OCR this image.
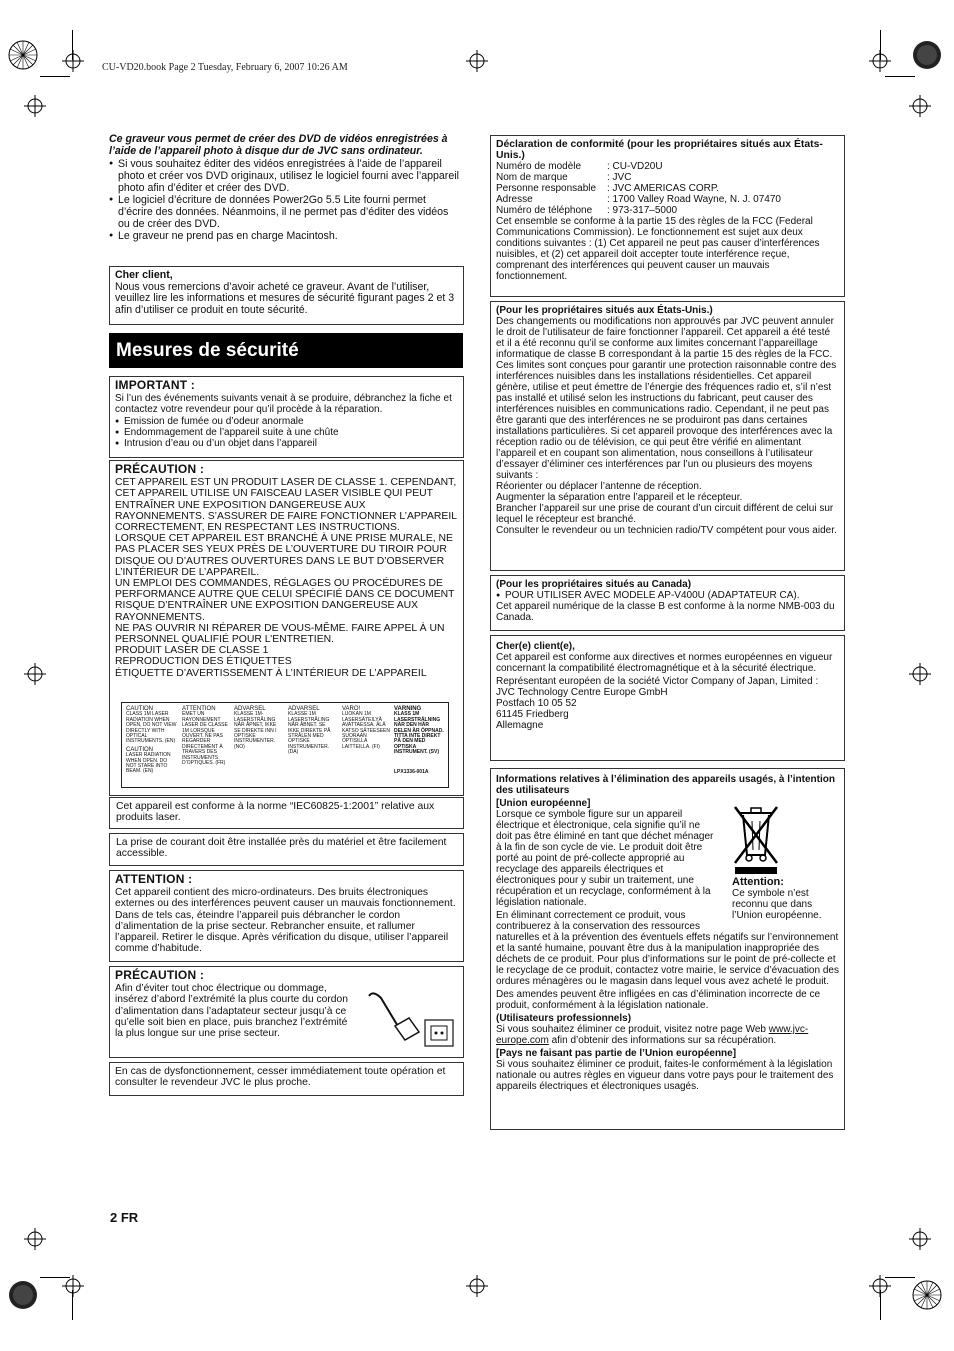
CU-VD20.book Page 2 Tuesday, February 6, 2007 10:26 AM
Ce graveur vous permet de créer des DVD de vidéos enregistrées à l’aide de l’appareil photo à disque dur de JVC sans ordinateur.
● Si vous souhaitez éditer des vidéos enregistrées à l’aide de l’appareil photo et créer vos DVD originaux, utilisez le logiciel fourni avec l’appareil photo afin d’éditer et créer des DVD.
● Le logiciel d’écriture de données Power2Go 5.5 Lite fourni permet d’écrire des données. Néanmoins, il ne permet pas d’éditer des vidéos ou de créer des DVD.
● Le graveur ne prend pas en charge Macintosh.
Cher client,
Nous vous remercions d’avoir acheté ce graveur. Avant de l’utiliser, veuillez lire les informations et mesures de sécurité figurant pages 2 et 3 afin d’utiliser ce produit en toute sécurité.
Mesures de sécurité
IMPORTANT :
Si l’un des événements suivants venait à se produire, débranchez la fiche et contactez votre revendeur pour qu’il procède à la réparation.
● Emission de fumée ou d’odeur anormale
● Endommagement de l’appareil suite à une chûte
● Intrusion d’eau ou d’un objet dans l’appareil
PRÉCAUTION :
CET APPAREIL EST UN PRODUIT LASER DE CLASSE 1. CEPENDANT, CET APPAREIL UTILISE UN FAISCEAU LASER VISIBLE QUI PEUT ENTRAÎNER UNE EXPOSITION DANGEREUSE AUX RAYONNEMENTS. S’ASSURER DE FAIRE FONCTIONNER L’APPAREIL CORRECTEMENT, EN RESPECTANT LES INSTRUCTIONS.
LORSQUE CET APPAREIL EST BRANCHÉ À UNE PRISE MURALE, NE PAS PLACER SES YEUX PRÈS DE L’OUVERTURE DU TIROIR POUR DISQUE OU D’AUTRES OUVERTURES DANS LE BUT D’OBSERVER L’INTÉRIEUR DE L’APPAREIL.
UN EMPLOI DES COMMANDES, RÉGLAGES OU PROCÉDURES DE PERFORMANCE AUTRE QUE CELUI SPÉCIFIÉ DANS CE DOCUMENT RISQUE D’ENTRAÎNER UNE EXPOSITION DANGEREUSE AUX RAYONNEMENTS.
NE PAS OUVRIR NI RÉPARER DE VOUS-MÊME. FAIRE APPEL À UN PERSONNEL QUALIFIÉ POUR L’ENTRETIEN.
PRODUIT LASER DE CLASSE 1
REPRODUCTION DES ÉTIQUETTES
ÉTIQUETTE D’AVERTISSEMENT À L’INTÉRIEUR DE L’APPAREIL
CAUTION
CLASS 1M LASER RADIATION WHEN OPEN, DO NOT VIEW DIRECTLY WITH OPTICAL INSTRUMENTS. (EN)
CAUTION
LASER RADIATION WHEN OPEN. DO NOT STARE INTO BEAM. (EN)
ATTENTION
ÉMET UN RAYONNEMENT LASER DE CLASSE 1M LORSQUE OUVERT. NE PAS REGARDER DIRECTEMENT À TRAVERS DES INSTRUMENTS D’OPTIQUES. (FR)
ADVARSEL
KLASSE 1M-LASERSTRÅLING NÅR ÅPNET, IKKE SE DIREKTE INN I OPTISKE INSTRUMENTER. (NO)
ADVARSEL
KLASSE 1M LASERSTRÅLING NÅR ÅBNET. SE IKKE DIREKTE PÅ STRÅLEN MED OPTISKE INSTRUMENTER. (DA)
VARO!
LUOKAN 1M LASERSÄTEILYÄ AVATTAESSA. ÄLÄ KATSO SÄTEESEEN SUORAAN OPTISILLA LAITTEILLA. (FI)
VARNING
KLASS 1M LASERSTRÅLNING NÄR DEN HÄR DELEN ÄR ÖPPNAD. TITTA INTE DIREKT PÅ DEN MED OPTISKA INSTRUMENT. (SV)
LPX1336-001A
Cet appareil est conforme à la norme “IEC60825-1:2001” relative aux produits laser.
La prise de courant doit être installée près du matériel et être facilement accessible.
ATTENTION :
Cet appareil contient des micro-ordinateurs. Des bruits électroniques externes ou des interférences peuvent causer un mauvais fonctionnement. Dans de tels cas, éteindre l’appareil puis débrancher le cordon d’alimentation de la prise secteur. Rebrancher ensuite, et rallumer l’appareil. Retirer le disque. Après vérification du disque, utiliser l’appareil comme d’habitude.
PRÉCAUTION :
Afin d’éviter tout choc électrique ou dommage, insérez d’abord l’extrémité la plus courte du cordon d’alimentation dans l’adaptateur secteur jusqu’à ce qu’elle soit bien en place, puis branchez l’extrémité la plus longue sur une prise secteur.
En cas de dysfonctionnement, cesser immédiatement toute opération et consulter le revendeur JVC le plus proche.
2 FR
Déclaration de conformité (pour les propriétaires situés aux États-Unis.)
Numéro de modèle	: CU-VD20U
Nom de marque	: JVC
Personne responsable	: JVC AMERICAS CORP.
Adresse	: 1700 Valley Road Wayne, N. J. 07470
Numéro de téléphone	: 973-317–5000
Cet ensemble se conforme à la partie 15 des règles de la FCC (Federal Communications Commission). Le fonctionnement est sujet aux deux conditions suivantes : (1) Cet appareil ne peut pas causer d’interférences nuisibles, et (2) cet appareil doit accepter toute interférence reçue, comprenant des interférences qui peuvent causer un mauvais fonctionnement.
(Pour les propriétaires situés aux États-Unis.)
Des changements ou modifications non approuvés par JVC peuvent annuler le droit de l’utilisateur de faire fonctionner l’appareil. Cet appareil a été testé et il a été reconnu qu’il se conforme aux limites concernant l’appareillage informatique de classe B correspondant à la partie 15 des règles de la FCC. Ces limites sont conçues pour garantir une protection raisonnable contre des interférences nuisibles dans les installations résidentielles. Cet appareil génère, utilise et peut émettre de l’énergie des fréquences radio et, s’il n’est pas installé et utilisé selon les instructions du fabricant, peut causer des interférences nuisibles en communications radio. Cependant, il ne peut pas être garanti que des interférences ne se produiront pas dans certaines installations particulières. Si cet appareil provoque des interférences avec la réception radio ou de télévision, ce qui peut être vérifié en alimentant l’appareil et en coupant son alimentation, nous conseillons à l’utilisateur d’essayer d’éliminer ces interférences par l’un ou plusieurs des moyens suivants :
Réorienter ou déplacer l’antenne de réception.
Augmenter la séparation entre l’appareil et le récepteur.
Brancher l’appareil sur une prise de courant d’un circuit différent de celui sur lequel le récepteur est branché.
Consulter le revendeur ou un technicien radio/TV compétent pour vous aider.
(Pour les propriétaires situés au Canada)
● POUR UTILISER AVEC MODELE AP-V400U (ADAPTATEUR CA).
Cet appareil numérique de la classe B est conforme à la norme NMB-003 du Canada.
Cher(e) client(e),
Cet appareil est conforme aux directives et normes européennes en vigueur concernant la compatibilité électromagnétique et à la sécurité électrique.
Représentant européen de la société Victor Company of Japan, Limited :
JVC Technology Centre Europe GmbH
Postfach 10 05 52
61145 Friedberg
Allemagne
Informations relatives à l’élimination des appareils usagés, à l’intention des utilisateurs
[Union européenne]
Lorsque ce symbole figure sur un appareil électrique et électronique, cela signifie qu’il ne doit pas être éliminé en tant que déchet ménager à la fin de son cycle de vie. Le produit doit être porté au point de pré-collecte approprié au recyclage des appareils électriques et électroniques pour y subir un traitement, une récupération et un recyclage, conformément à la législation nationale.
En éliminant correctement ce produit, vous contribuerez à la conservation des ressources
naturelles et à la prévention des éventuels effets négatifs sur l’environnement et la santé humaine, pouvant être dus à la manipulation inappropriée des déchets de ce produit. Pour plus d’informations sur le point de pré-collecte et le recyclage de ce produit, contactez votre mairie, le service d’évacuation des ordures ménagères ou le magasin dans lequel vous avez acheté le produit.
Des amendes peuvent être infligées en cas d’élimination incorrecte de ce produit, conformément à la législation nationale.
(Utilisateurs professionnels)
Si vous souhaitez éliminer ce produit, visitez notre page Web www.jvc-europe.com afin d’obtenir des informations sur sa récupération.
[Pays ne faisant pas partie de l’Union européenne]
Si vous souhaitez éliminer ce produit, faites-le conformément à la législation nationale ou autres règles en vigueur dans votre pays pour le traitement des appareils électriques et électroniques usagés.
Attention:
Ce symbole n’est reconnu que dans l’Union européenne.
